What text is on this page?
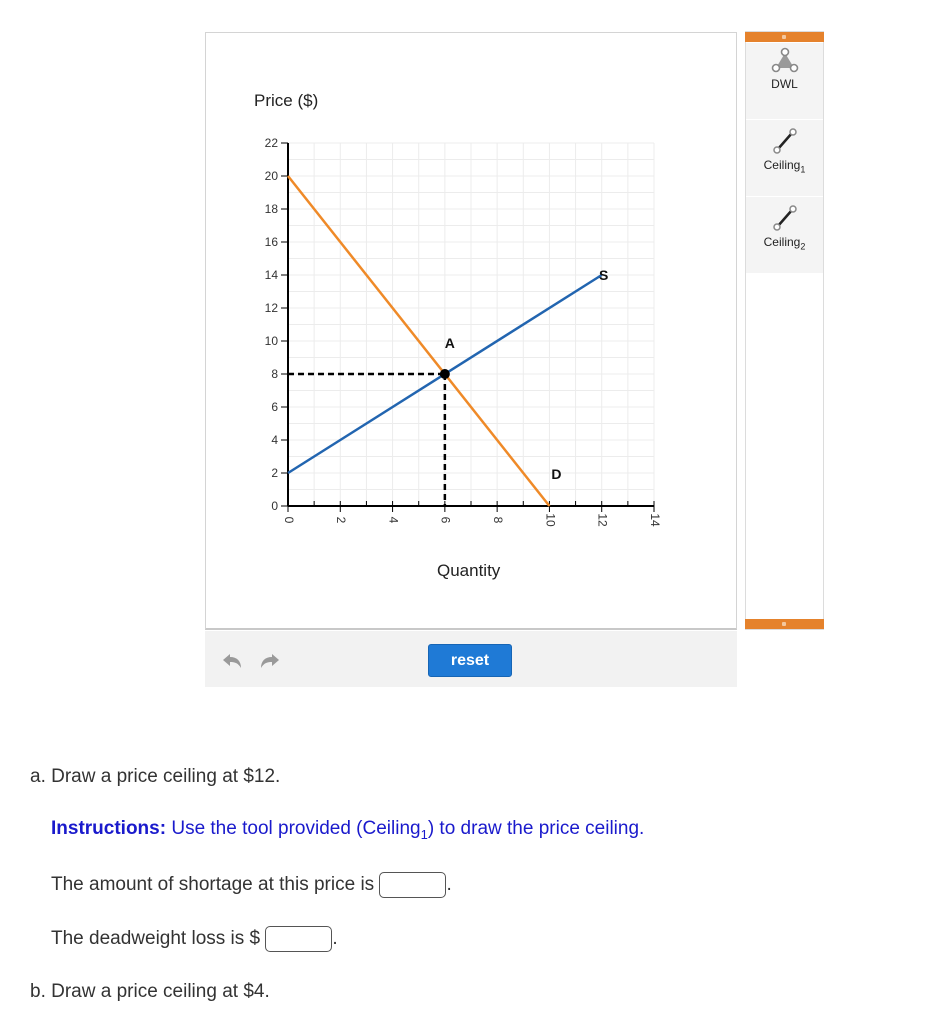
0	2	4	6	8	10	12	14
0
2
4
6
8
10
12
14
16
18
20
22
A
S
D
Price ($)
Quantity
DWL
Ceiling$_1$
Ceiling$_2$
reset
a. Draw a price ceiling at $12.
Instructions: Use the tool provided (Ceiling$_1$) to draw the price ceiling.
The amount of shortage at this price is	.
The deadweight loss is $	.
b. Draw a price ceiling at $4.
